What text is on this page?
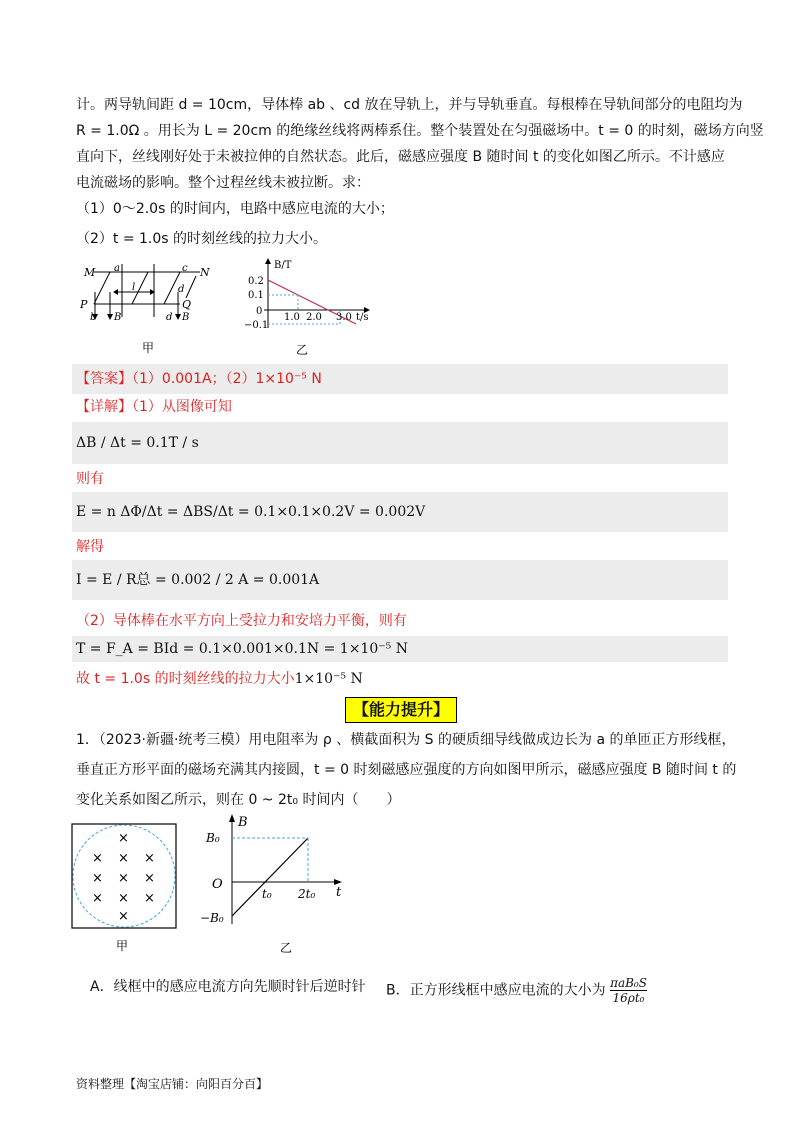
计。两导轨间距 d = 10cm，导体棒 ab 、cd 放在导轨上，并与导轨垂直。每根棒在导轨间部分的电阻均为
R = 1.0Ω 。用长为 L = 20cm 的绝缘丝线将两棒系住。整个装置处在匀强磁场中。t = 0 的时刻，磁场方向竖
直向下，丝线刚好处于未被拉伸的自然状态。此后，磁感应强度 B 随时间 t 的变化如图乙所示。不计感应
电流磁场的影响。整个过程丝线未被拉断。求：
（1）0～2.0s 的时间内，电路中感应电流的大小；
（2）t = 1.0s 的时刻丝线的拉力大小。
M	N
P	Q
a
b
c
d
B	B
l	d
甲
B/T
t/s
0.2
0.1
0
−0.1
1.0 2.0 3.0
乙
【答案】（1）0.001A；（2）1×10⁻⁵ N
【详解】（1）从图像可知
ΔB / Δt = 0.1T / s
则有
E = n ΔΦ/Δt = ΔBS/Δt = 0.1×0.1×0.2V = 0.002V
解得
I = E / R总 = 0.002 / 2 A = 0.001A
（2）导体棒在水平方向上受拉力和安培力平衡，则有
T = F_A = BId = 0.1×0.001×0.1N = 1×10⁻⁵ N
故 t = 1.0s 的时刻丝线的拉力大小1×10⁻⁵ N
【能力提升】
1．（2023·新疆·统考三模）用电阻率为 ρ 、横截面积为 S 的硬质细导线做成边长为 a 的单匝正方形线框，
垂直正方形平面的磁场充满其内接圆，t = 0 时刻磁感应强度的方向如图甲所示，磁感应强度 B 随时间 t 的
变化关系如图乙所示，则在 0 ~ 2t₀ 时间内（　　）
×
× × ×
× × ×
× × ×
×
甲
B
B₀
O
−B₀
t₀ 2t₀ t
乙
A．线框中的感应电流方向先顺时针后逆时针 B．正方形线框中感应电流的大小为 πaB₀S
16ρt₀
资料整理【淘宝店铺：向阳百分百】
